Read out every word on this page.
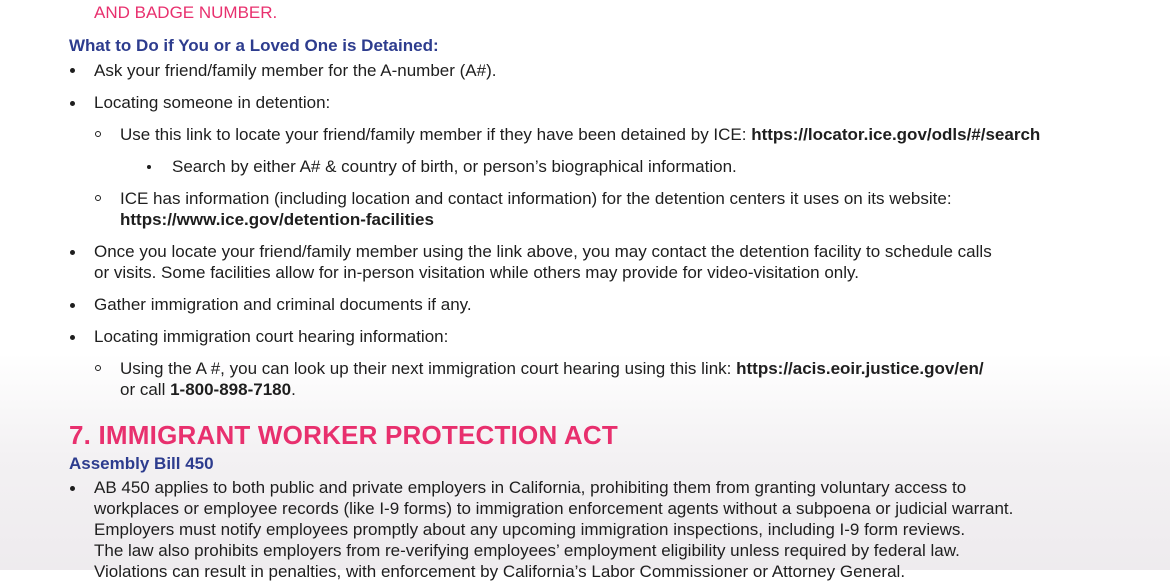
AND BADGE NUMBER.
What to Do if You or a Loved One is Detained:
Ask your friend/family member for the A-number (A#).
Locating someone in detention:
Use this link to locate your friend/family member if they have been detained by ICE: https://locator.ice.gov/odls/#/search
Search by either A# & country of birth, or person’s biographical information.
ICE has information (including location and contact information) for the detention centers it uses on its website:
https://www.ice.gov/detention-facilities
Once you locate your friend/family member using the link above, you may contact the detention facility to schedule calls
or visits. Some facilities allow for in-person visitation while others may provide for video-visitation only.
Gather immigration and criminal documents if any.
Locating immigration court hearing information:
Using the A #, you can look up their next immigration court hearing using this link: https://acis.eoir.justice.gov/en/
or call 1-800-898-7180.
7. IMMIGRANT WORKER PROTECTION ACT
Assembly Bill 450
AB 450 applies to both public and private employers in California, prohibiting them from granting voluntary access to
workplaces or employee records (like I-9 forms) to immigration enforcement agents without a subpoena or judicial warrant.
Employers must notify employees promptly about any upcoming immigration inspections, including I-9 form reviews.
The law also prohibits employers from re-verifying employees’ employment eligibility unless required by federal law.
Violations can result in penalties, with enforcement by California’s Labor Commissioner or Attorney General.
